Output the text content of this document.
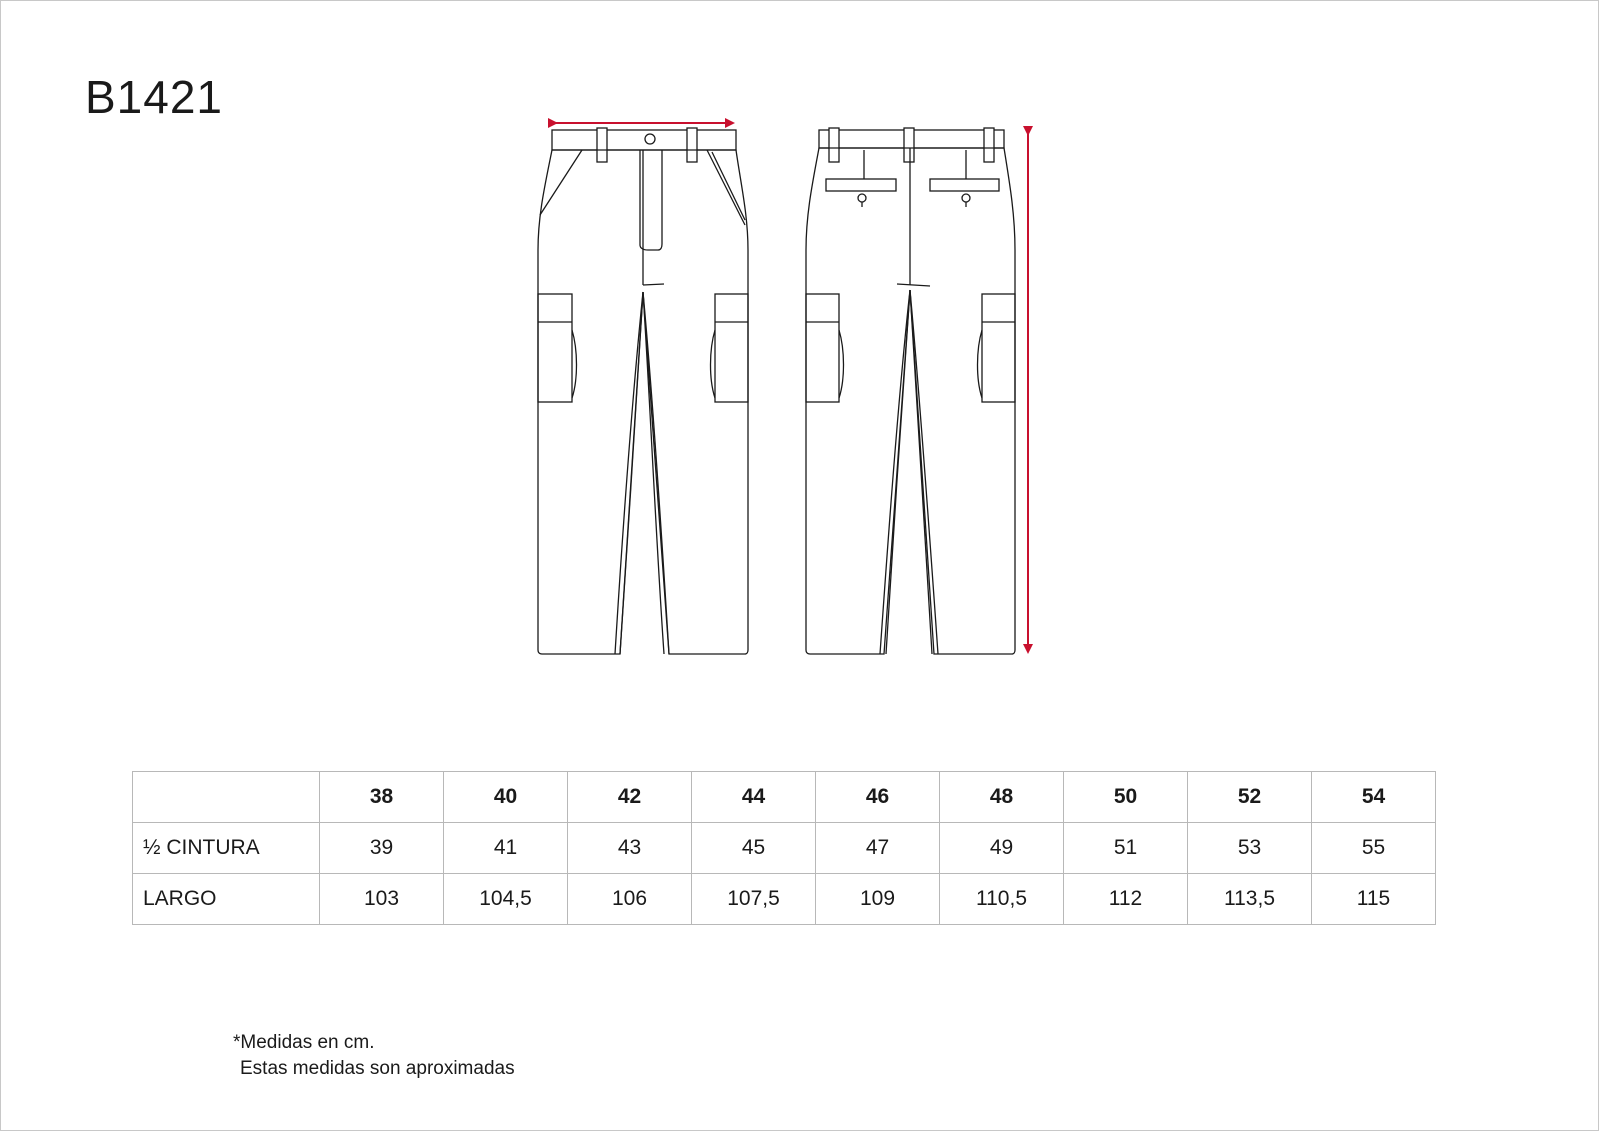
B1421
	38	40	42	44	46	48	50	52	54
½ CINTURA	39	41	43	45	47	49	51	53	55
LARGO	103	104,5	106	107,5	109	110,5	112	113,5	115
*Medidas en cm.
Estas medidas son aproximadas
